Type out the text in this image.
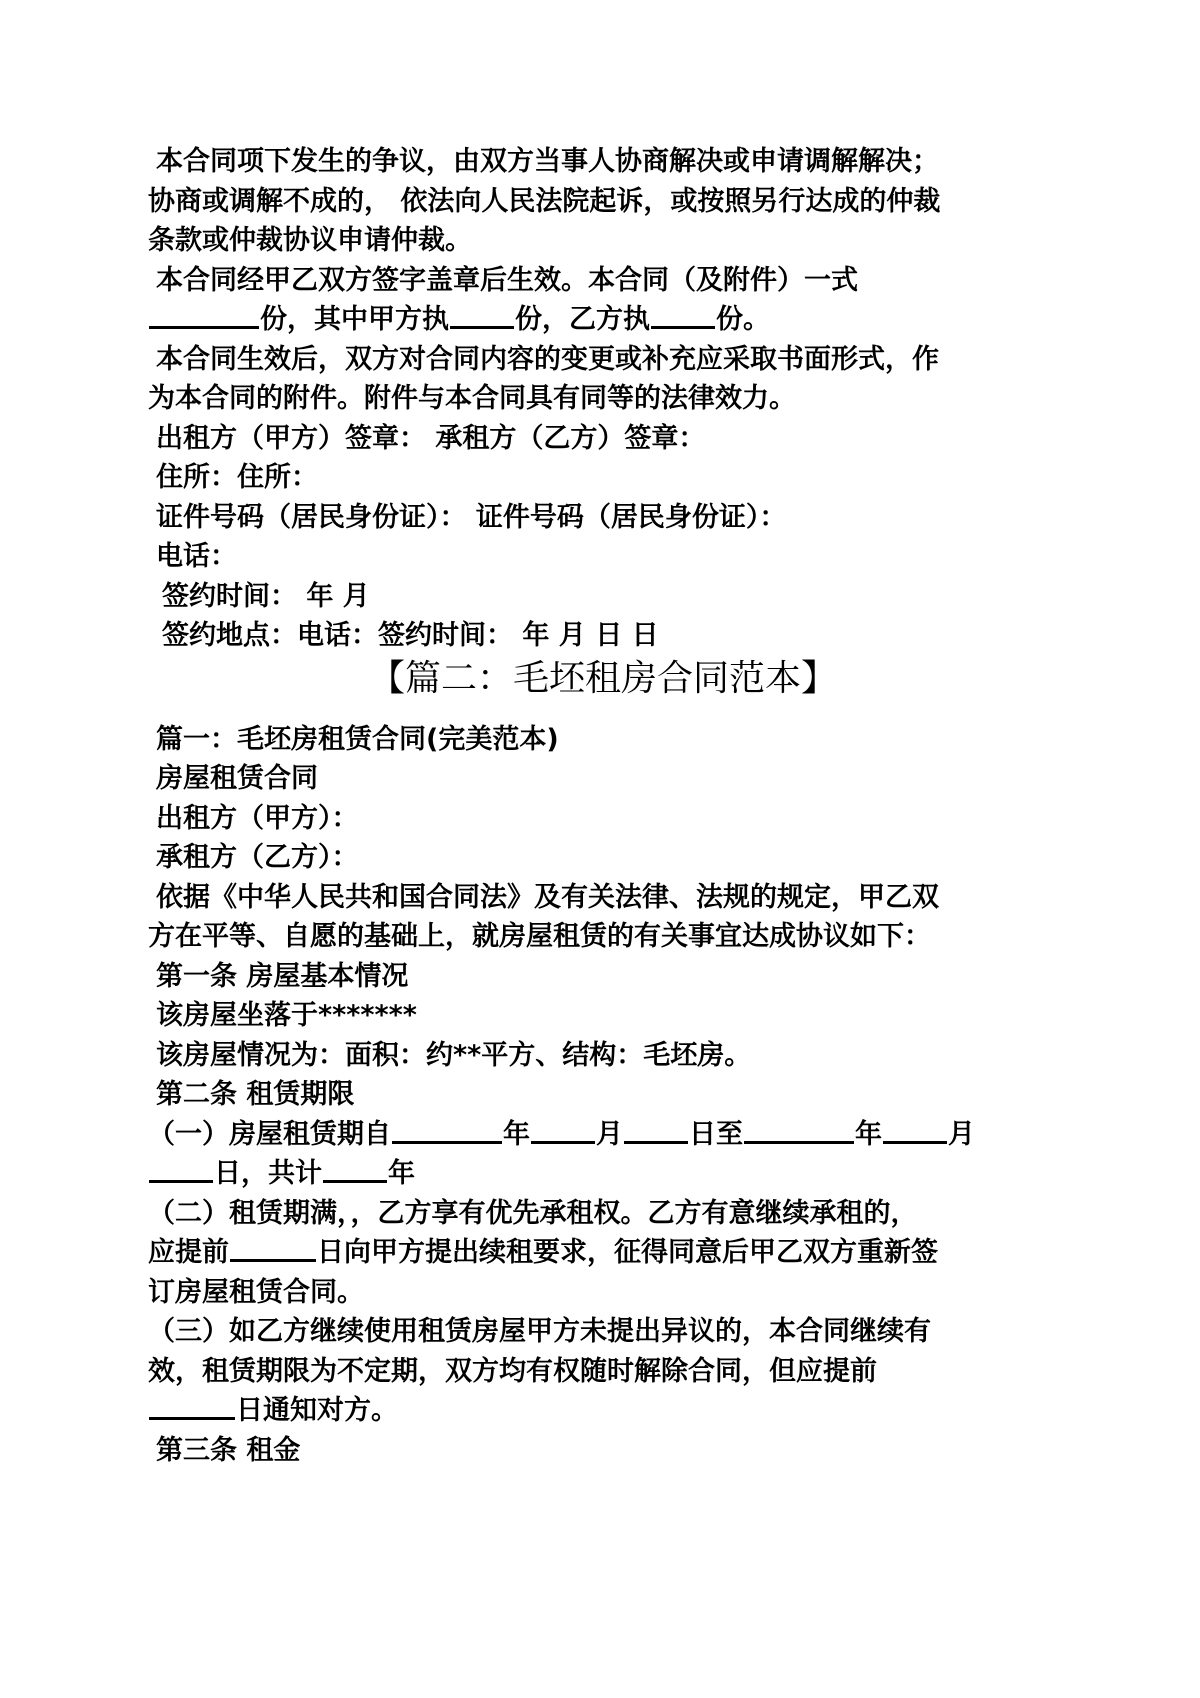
本合同项下发生的争议，由双方当事人协商解决或申请调解解决；

协商或调解不成的， 依法向人民法院起诉，或按照另行达成的仲裁

条款或仲裁协议申请仲裁。

本合同经甲乙双方签字盖章后生效。本合同（及附件）一式

份，其中甲方执 份，乙方执 份。

本合同生效后，双方对合同内容的变更或补充应采取书面形式，作

为本合同的附件。附件与本合同具有同等的法律效力。

出租方（甲方）签章： 承租方（乙方）签章：

住所：住所：

证件号码（居民身份证）： 证件号码（居民身份证）：

电话：

签约时间： 年 月

签约地点：电话：签约时间： 年 月 日 日

【篇二：毛坯租房合同范本】

篇一：毛坯房租赁合同(完美范本)

房屋租赁合同

出租方（甲方）：

承租方（乙方）：

依据《中华人民共和国合同法》及有关法律、法规的规定，甲乙双

方在平等、自愿的基础上，就房屋租赁的有关事宜达成协议如下：

第一条 房屋基本情况

该房屋坐落于*******

该房屋情况为：面积：约**平方、结构：毛坯房。

第二条 租赁期限

（一）房屋租赁期自	年 月 日至	年 月

日，共计 年

（二）租赁期满，，乙方享有优先承租权。乙方有意继续承租的，

应提前	日向甲方提出续租要求，征得同意后甲乙双方重新签

订房屋租赁合同。

（三）如乙方继续使用租赁房屋甲方未提出异议的，本合同继续有

效，租赁期限为不定期，双方均有权随时解除合同，但应提前

日通知对方。

第三条 租金
